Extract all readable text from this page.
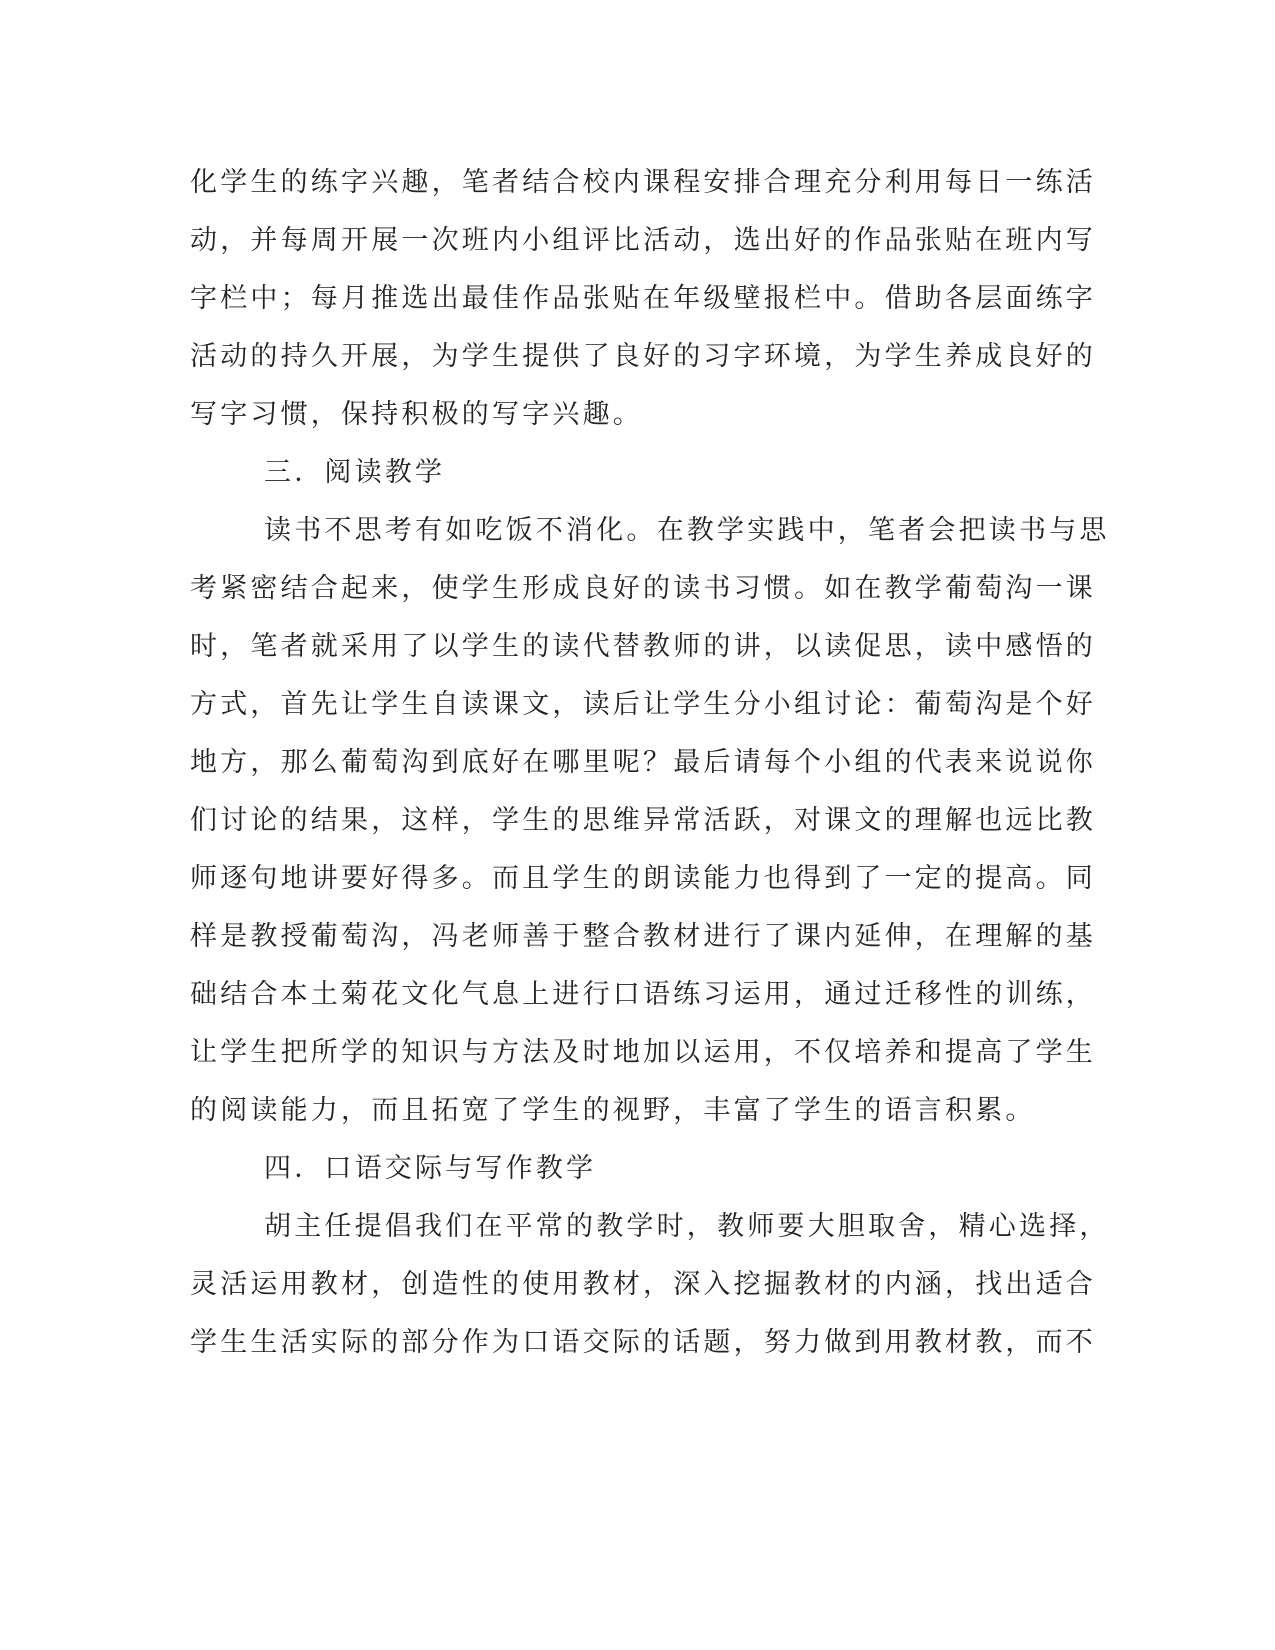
化学生的练字兴趣，笔者结合校内课程安排合理充分利用每日一练活
动，并每周开展一次班内小组评比活动，选出好的作品张贴在班内写
字栏中；每月推选出最佳作品张贴在年级壁报栏中。借助各层面练字
活动的持久开展，为学生提供了良好的习字环境，为学生养成良好的
写字习惯，保持积极的写字兴趣。
三．阅读教学
读书不思考有如吃饭不消化。在教学实践中，笔者会把读书与思
考紧密结合起来，使学生形成良好的读书习惯。如在教学葡萄沟一课
时，笔者就采用了以学生的读代替教师的讲，以读促思，读中感悟的
方式，首先让学生自读课文，读后让学生分小组讨论：葡萄沟是个好
地方，那么葡萄沟到底好在哪里呢？最后请每个小组的代表来说说你
们讨论的结果，这样，学生的思维异常活跃，对课文的理解也远比教
师逐句地讲要好得多。而且学生的朗读能力也得到了一定的提高。同
样是教授葡萄沟，冯老师善于整合教材进行了课内延伸，在理解的基
础结合本土菊花文化气息上进行口语练习运用，通过迁移性的训练，
让学生把所学的知识与方法及时地加以运用，不仅培养和提高了学生
的阅读能力，而且拓宽了学生的视野，丰富了学生的语言积累。
四．口语交际与写作教学
胡主任提倡我们在平常的教学时，教师要大胆取舍，精心选择，
灵活运用教材，创造性的使用教材，深入挖掘教材的内涵，找出适合
学生生活实际的部分作为口语交际的话题，努力做到用教材教，而不
